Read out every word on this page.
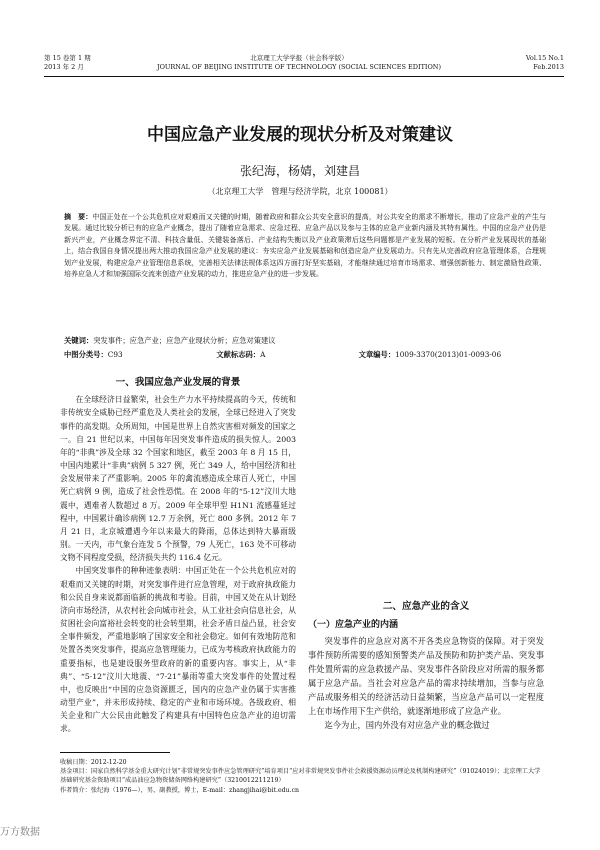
第 15 卷第 1 期
2013 年 2 月
北京理工大学学报（社会科学版）
JOURNAL OF BEIJING INSTITUTE OF TECHNOLOGY (SOCIAL SCIENCES EDITION)
Vol.15 No.1
Feb.2013
中国应急产业发展的现状分析及对策建议
张纪海，杨婧，刘建昌
（北京理工大学　管理与经济学院，北京 100081）
摘　要：中国正处在一个公共危机应对艰难而又关键的时期，随着政府和群众公共安全意识的提高，对公共安全的需求不断增长，推动了应急产业的产生与发展。通过比较分析已有的应急产业概念，提出了随着应急需求、应急过程、应急产品以及参与主体的应急产业新内涵及其特有属性。中国的应急产业仍是新兴产业，产业概念界定不清、科技含量低、关键装备落后、产业结构失衡以及产业政策滞后这些问题都是产业发展的短板。在分析产业发展现状的基础上，结合我国自身情况提出两大推动我国应急产业发展的建议：夯实应急产业发展基础和创造应急产业发展动力。只有先从完善政府应急管理体系，合理规划产业发展，构建应急产业管理信息系统，完善相关法律法规体系这四方面打好坚实基础，才能继续通过培育市场需求、增强创新能力、制定激励性政策、培养应急人才和加强国际交流来创造产业发展的动力，推进应急产业的进一步发展。
关键词：突发事件；应急产业；应急产业现状分析；应急对策建议
中图分类号：C93	文献标志码：A	文章编号：1009-3370(2013)01-0093-06
一、我国应急产业发展的背景

在全球经济日益繁荣，社会生产力水平持续提高的今天，传统和非传统安全威胁已经严重危及人类社会的发展，全球已经进入了突发事件的高发期。众所周知，中国是世界上自然灾害相对频发的国家之一。自 21 世纪以来，中国每年因突发事件造成的损失惊人。2003 年的“非典”涉及全球 32 个国家和地区，截至 2003 年 8 月 15 日，中国内地累计“非典”病例 5 327 例，死亡 349 人，给中国经济和社会发展带来了严重影响。2005 年的禽流感造成全球百人死亡，中国死亡病例 9 例，造成了社会性恐慌。在 2008 年的“5·12”汶川大地震中，遇难者人数超过 8 万。2009 年全球甲型 H1N1 流感蔓延过程中，中国累计确诊病例 12.7 万余例，死亡 800 多例。2012 年 7 月 21 日，北京城遭遇今年以来最大的降雨，总体达到特大暴雨级别。一天内，市气象台连发 5 个预警，79 人死亡，163 处不可移动文物不同程度受损，经济损失共约 116.4 亿元。

中国突发事件的种种迹象表明：中国正处在一个公共危机应对的艰难而又关键的时期，对突发事件进行应急管理，对于政府执政能力和公民自身来说都面临新的挑战和考验。目前，中国又处在从计划经济向市场经济，从农村社会向城市社会，从工业社会向信息社会，从贫困社会向富裕社会转变的社会转型期，社会矛盾日益凸显，社会安全事件频发，严重地影响了国家安全和社会稳定。如何有效地防范和处置各类突发事件，提高应急管理能力，已成为考核政府执政能力的重要指标，也是建设服务型政府的新的重要内容。事实上，从“非典”、“5·12”汶川大地震、“7·21”暴雨等重大突发事件的处置过程中，也反映出“中国的应急资源匮乏，国内的应急产业仍属于实害推动型产业”，并未形成持续、稳定的产业和市场环境。各级政府、相关企业和广大公民由此触发了构建具有中国特色应急产业的迫切需求。

二、应急产业的含义
（一）应急产业的内涵

突发事件的应急应对离不开各类应急物资的保障。对于突发事件预防所需要的感知预警类产品及预防和防护类产品、突发事件处置所需的应急救援产品、突发事件各阶段应对所需的服务都属于应急产品。当社会对应急产品的需求持续增加，当参与应急产品或服务相关的经济活动日益频繁，当应急产品可以一定程度上在市场作用下生产供给，就逐渐地形成了应急产业。

迄今为止，国内外没有对应急产业的概念做过

收稿日期：2012-12-20
基金项目：国家自然科学基金重大研究计划“非常规突发事件应急管理研究”培育项目“应对非常规突发事件社会救援资源动员理论及机制构建研究”（91024019）；北京理工大学基础研究基金资助项目“成品油应急物资储备网络构建研究”（3210012211219）
作者简介：张纪海（1976—），男，副教授，博士，E-mail：zhangjihai@bit.edu.cn
万方数据
